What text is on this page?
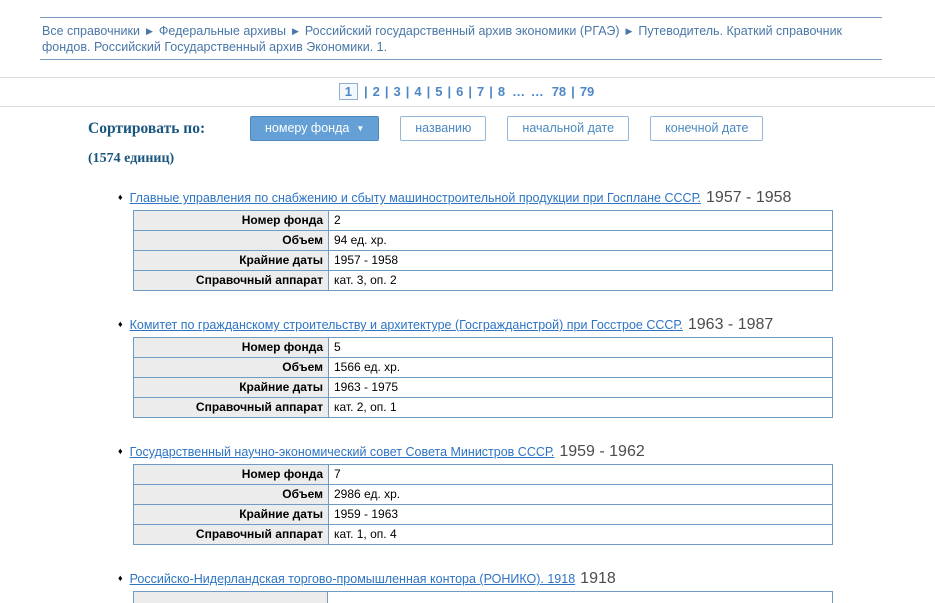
Все справочники ▶ Федеральные архивы ▶ Российский государственный архив экономики (РГАЭ) ▶ Путеводитель. Краткий справочник фондов. Российский Государственный архив Экономики. 1.
1 | 2 | 3 | 4 | 5 | 6 | 7 | 8 … … 78 | 79
Сортировать по:	номеру фонда ▼	названию	начальной дате	конечной дате
(1574 единиц)
♦ Главные управления по снабжению и сбыту машиностроительной продукции при Госплане СССР. 1957 - 1958
Номер фонда	2
Объем	94 ед. хр.
Крайние даты	1957 - 1958
Справочный аппарат	кат. 3, оп. 2
♦ Комитет по гражданскому строительству и архитектуре (Госгражданстрой) при Госстрое СССР. 1963 - 1987
Номер фонда	5
Объем	1566 ед. хр.
Крайние даты	1963 - 1975
Справочный аппарат	кат. 2, оп. 1
♦ Государственный научно-экономический совет Совета Министров СССР. 1959 - 1962
Номер фонда	7
Объем	2986 ед. хр.
Крайние даты	1959 - 1963
Справочный аппарат	кат. 1, оп. 4
♦ Российско-Нидерландская торгово-промышленная контора (РОНИКО). 1918 1918
